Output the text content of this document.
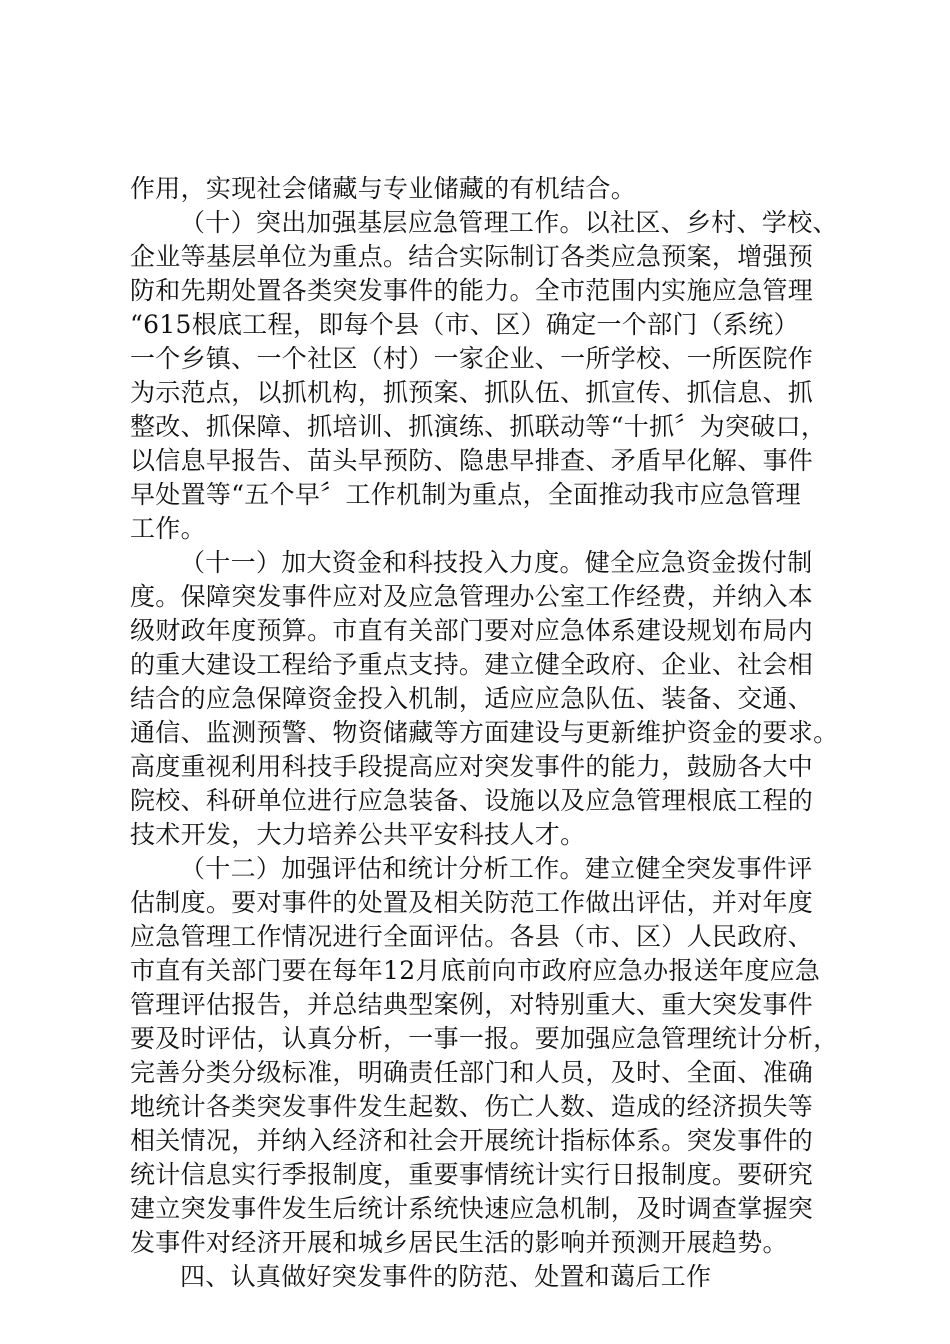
作用，实现社会储藏与专业储藏的有机结合。
（十）突出加强基层应急管理工作。以社区、乡村、学校、
企业等基层单位为重点。结合实际制订各类应急预案，增强预
防和先期处置各类突发事件的能力。全市范围内实施应急管理
“615根底工程，即每个县（市、区）确定一个部门（系统）
一个乡镇、一个社区（村）一家企业、一所学校、一所医院作
为示范点，以抓机构，抓预案、抓队伍、抓宣传、抓信息、抓
整改、抓保障、抓培训、抓演练、抓联动等“十抓〞为突破口，
以信息早报告、苗头早预防、隐患早排查、矛盾早化解、事件
早处置等“五个早〞工作机制为重点，全面推动我市应急管理
工作。
（十一）加大资金和科技投入力度。健全应急资金拨付制
度。保障突发事件应对及应急管理办公室工作经费，并纳入本
级财政年度预算。市直有关部门要对应急体系建设规划布局内
的重大建设工程给予重点支持。建立健全政府、企业、社会相
结合的应急保障资金投入机制，适应应急队伍、装备、交通、
通信、监测预警、物资储藏等方面建设与更新维护资金的要求。
高度重视利用科技手段提高应对突发事件的能力，鼓励各大中
院校、科研单位进行应急装备、设施以及应急管理根底工程的
技术开发，大力培养公共平安科技人才。
（十二）加强评估和统计分析工作。建立健全突发事件评
估制度。要对事件的处置及相关防范工作做出评估，并对年度
应急管理工作情况进行全面评估。各县（市、区）人民政府、
市直有关部门要在每年12月底前向市政府应急办报送年度应急
管理评估报告，并总结典型案例，对特别重大、重大突发事件
要及时评估，认真分析，一事一报。要加强应急管理统计分析，
完善分类分级标准，明确责任部门和人员，及时、全面、准确
地统计各类突发事件发生起数、伤亡人数、造成的经济损失等
相关情况，并纳入经济和社会开展统计指标体系。突发事件的
统计信息实行季报制度，重要事情统计实行日报制度。要研究
建立突发事件发生后统计系统快速应急机制，及时调查掌握突
发事件对经济开展和城乡居民生活的影响并预测开展趋势。
四、认真做好突发事件的防范、处置和蔼后工作
